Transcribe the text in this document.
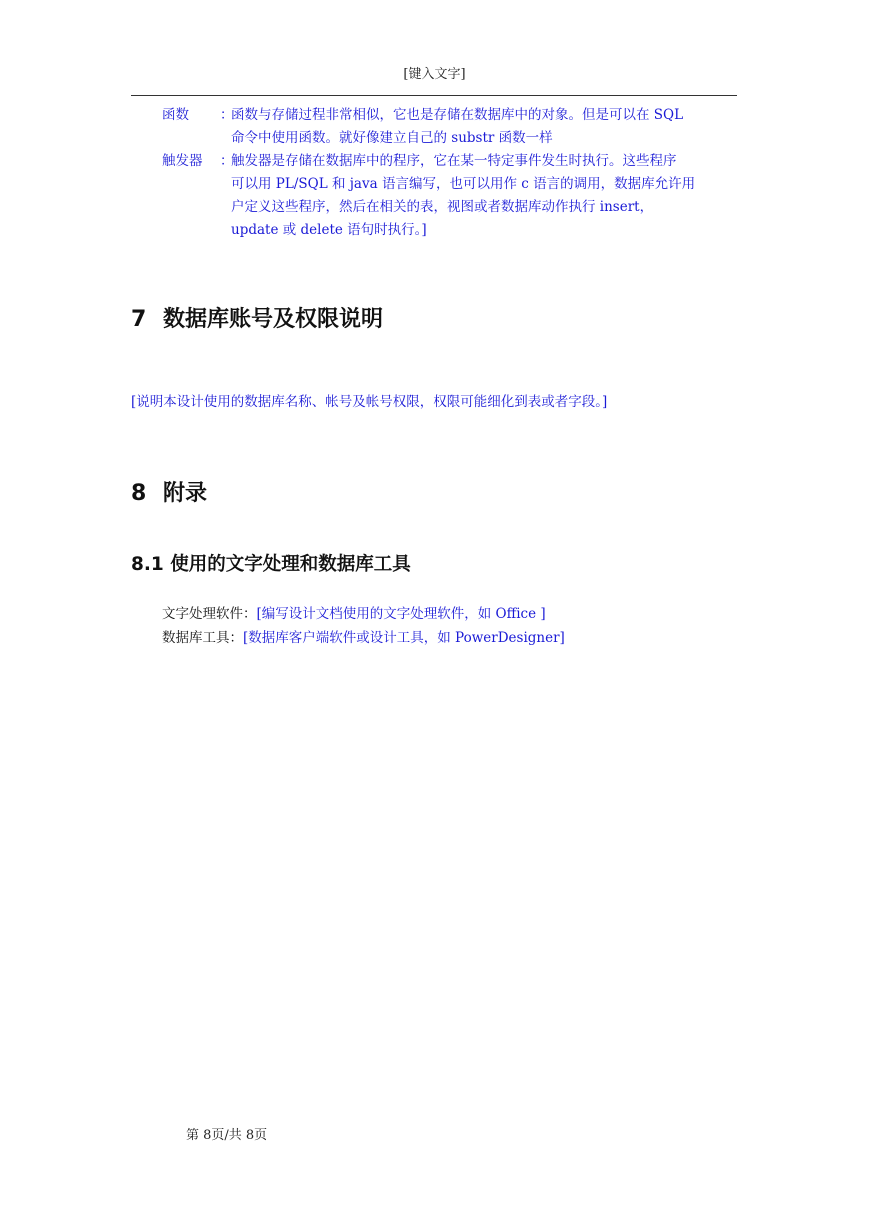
[键入文字]
函数	：
函数与存储过程非常相似，它也是存储在数据库中的对象。但是可以在 SQL
命令中使用函数。就好像建立自己的 substr 函数一样
触发器	：
触发器是存储在数据库中的程序，它在某一特定事件发生时执行。这些程序
可以用 PL/SQL 和 java 语言编写，也可以用作 c 语言的调用，数据库允许用
户定义这些程序，然后在相关的表，视图或者数据库动作执行 insert，
update 或 delete 语句时执行。]
7 数据库账号及权限说明
[说明本设计使用的数据库名称、帐号及帐号权限，权限可能细化到表或者字段。]
8 附录
8.1 使用的文字处理和数据库工具
文字处理软件：[编写设计文档使用的文字处理软件，如 Office ]
数据库工具：[数据库客户端软件或设计工具，如 PowerDesigner]
第 8页/共 8页
